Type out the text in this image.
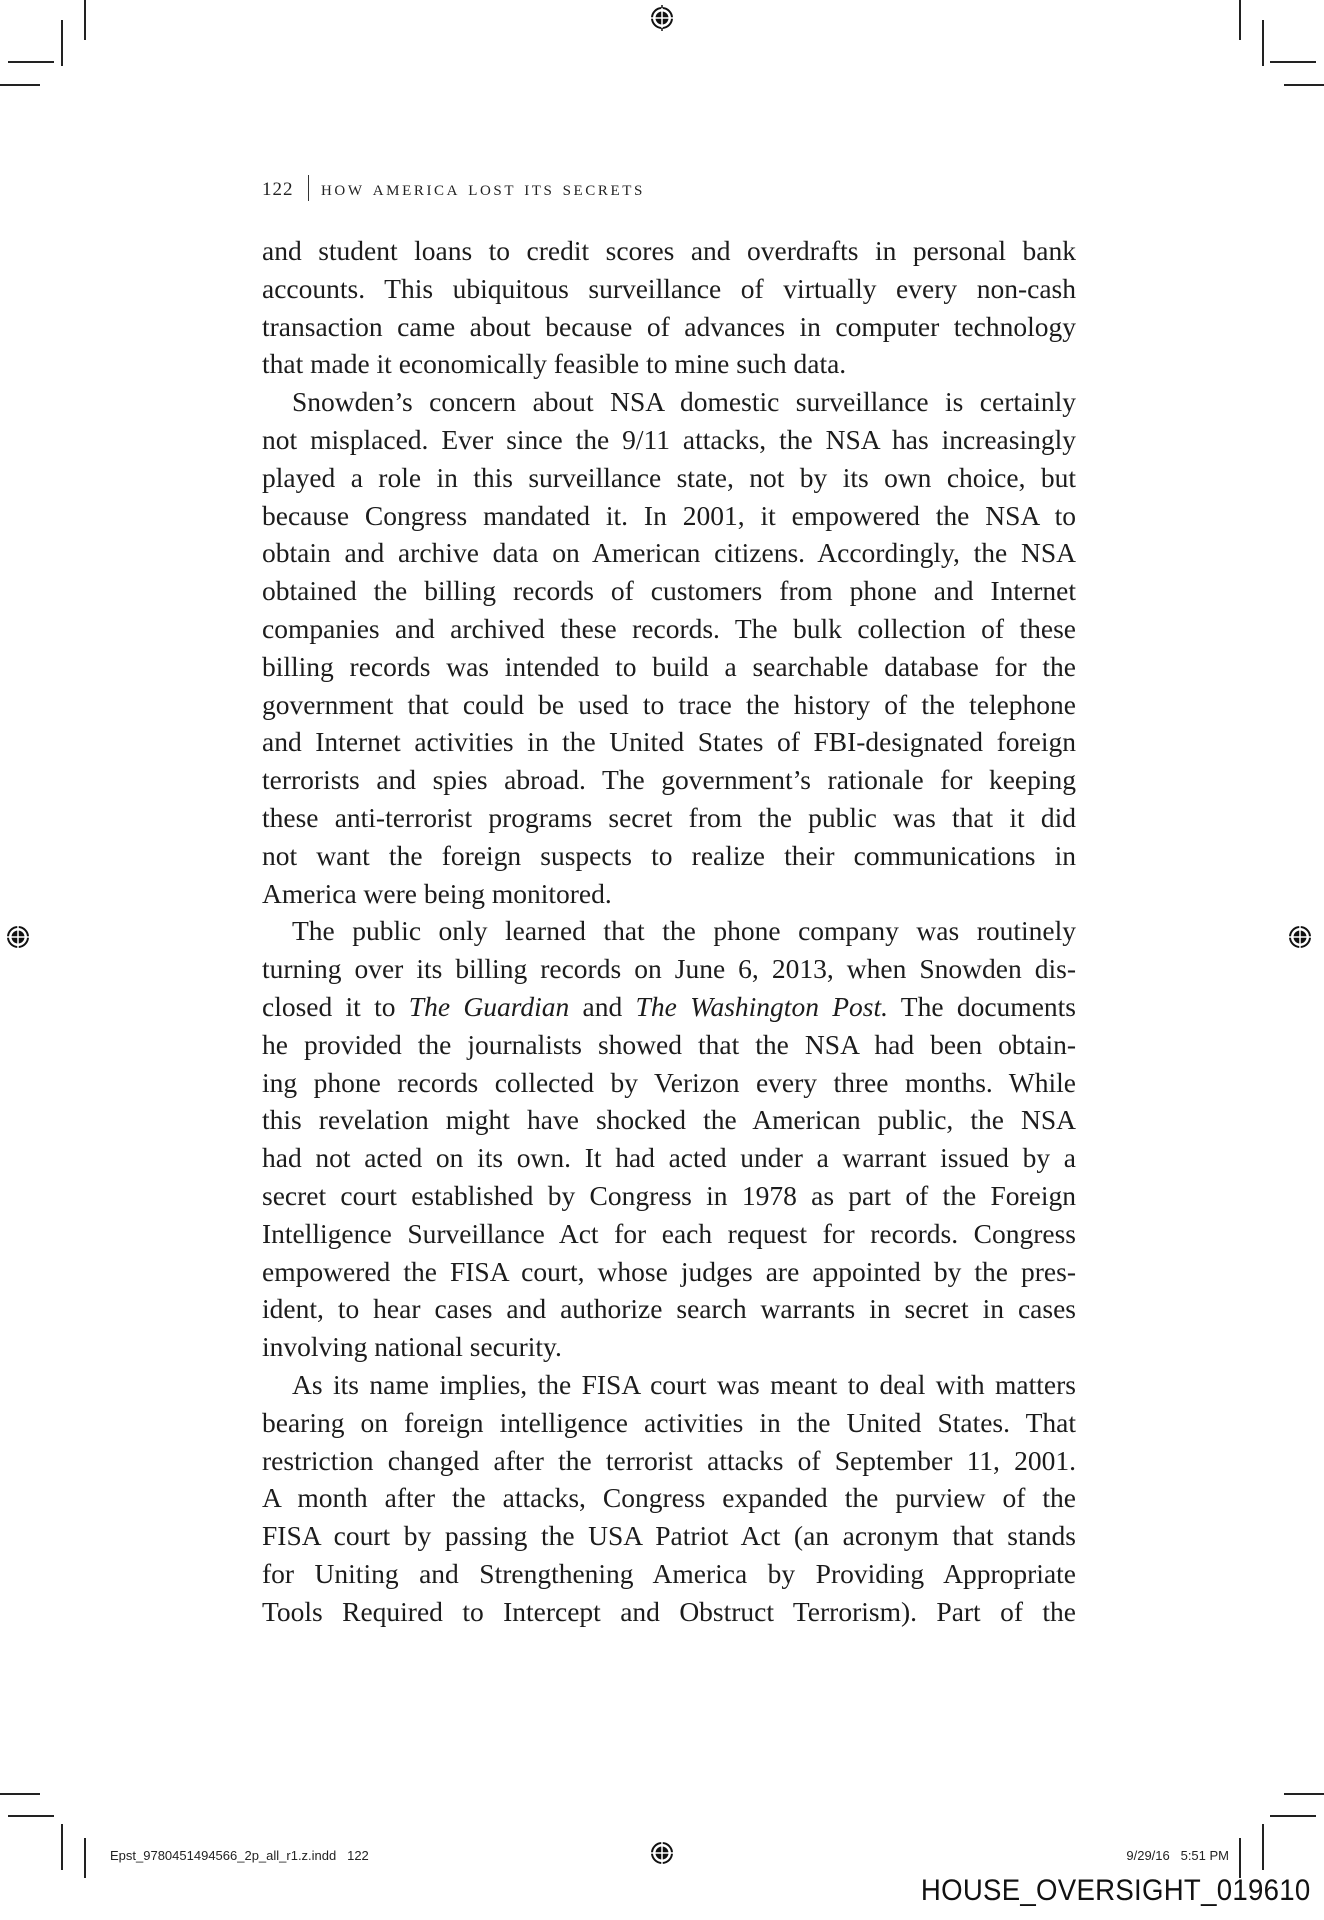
122 how america lost its secrets
and student loans to credit scores and overdrafts in personal bank
accounts. This ubiquitous surveillance of virtually every non-cash
transaction came about because of advances in computer technology
that made it economically feasible to mine such data.
Snowden’s concern about NSA domestic surveillance is certainly
not misplaced. Ever since the 9/11 attacks, the NSA has increasingly
played a role in this surveillance state, not by its own choice, but
because Congress mandated it. In 2001, it empowered the NSA to
obtain and archive data on American citizens. Accordingly, the NSA
obtained the billing records of customers from phone and Internet
companies and archived these records. The bulk collection of these
billing records was intended to build a searchable database for the
government that could be used to trace the history of the telephone
and Internet activities in the United States of FBI-designated foreign
terrorists and spies abroad. The government’s rationale for keeping
these anti-terrorist programs secret from the public was that it did
not want the foreign suspects to realize their communications in
America were being monitored.
The public only learned that the phone company was routinely
turning over its billing records on June 6, 2013, when Snowden dis-
closed it to The Guardian and The Washington Post. The documents
he provided the journalists showed that the NSA had been obtain-
ing phone records collected by Verizon every three months. While
this revelation might have shocked the American public, the NSA
had not acted on its own. It had acted under a warrant issued by a
secret court established by Congress in 1978 as part of the Foreign
Intelligence Surveillance Act for each request for records. Congress
empowered the FISA court, whose judges are appointed by the pres-
ident, to hear cases and authorize search warrants in secret in cases
involving national security.
As its name implies, the FISA court was meant to deal with matters
bearing on foreign intelligence activities in the United States. That
restriction changed after the terrorist attacks of September 11, 2001.
A month after the attacks, Congress expanded the purview of the
FISA court by passing the USA Patriot Act (an acronym that stands
for Uniting and Strengthening America by Providing Appropriate
Tools Required to Intercept and Obstruct Terrorism). Part of the
Epst_9780451494566_2p_all_r1.z.indd   122	9/29/16   5:51 PM
HOUSE_OVERSIGHT_019610
